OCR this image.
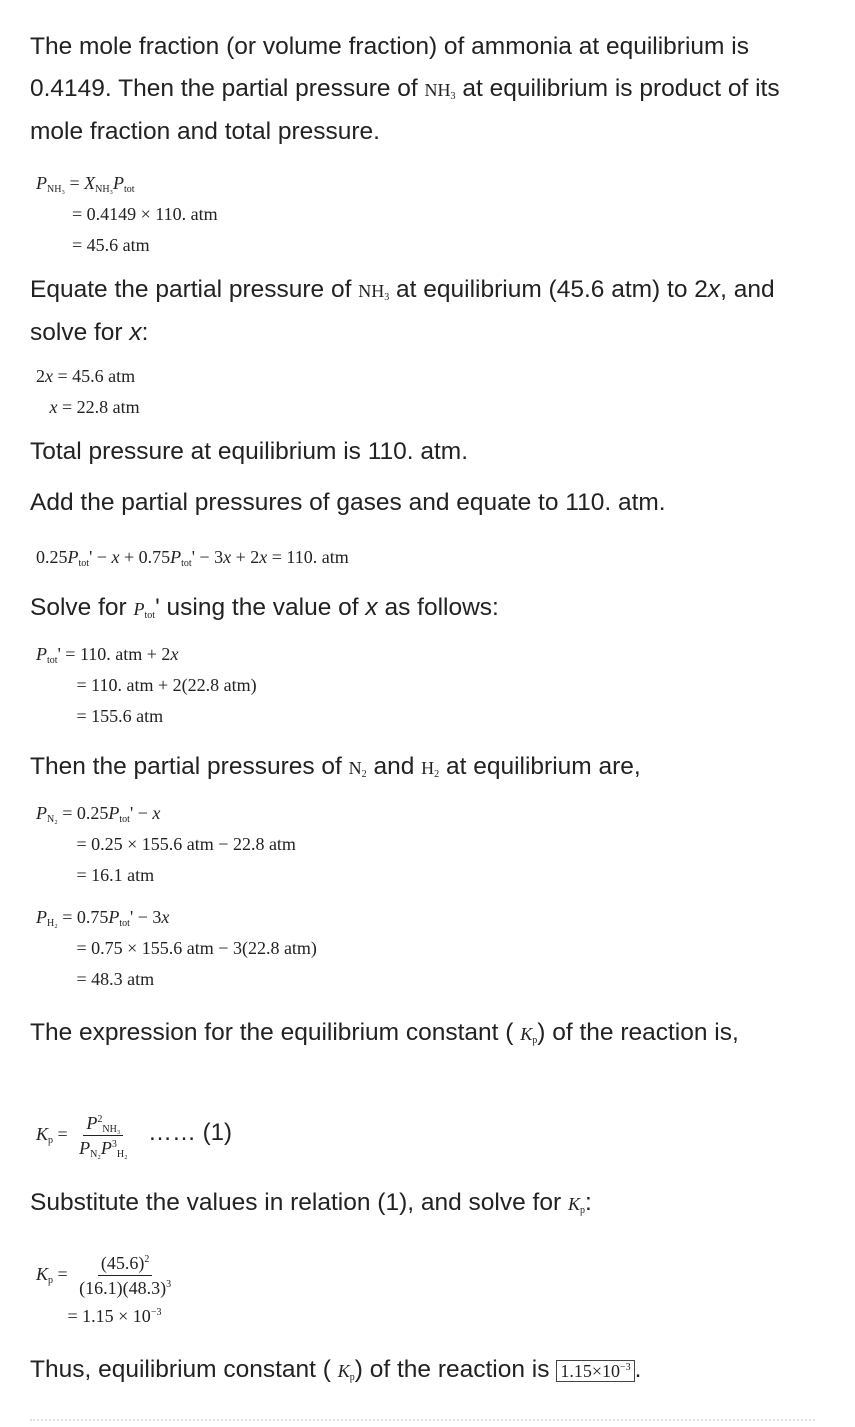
The mole fraction (or volume fraction) of ammonia at equilibrium is 0.4149. Then the partial pressure of $NH_3$ at equilibrium is product of its mole fraction and total pressure.
$P_{NH_3} = X_{NH_3}P_{tot}$
= 0.4149 × 110. atm
= 45.6 atm
Equate the partial pressure of $NH_3$ at equilibrium (45.6 atm) to 2x, and solve for x:
2x = 45.6 atm
x = 22.8 atm
Total pressure at equilibrium is 110. atm.
Add the partial pressures of gases and equate to 110. atm.
$0.25P_{tot}' - x + 0.75P_{tot}' - 3x + 2x = 110$. atm
Solve for $P_{tot}'$ using the value of x as follows:
$P_{tot}' = 110$. atm + 2x
= 110. atm + 2(22.8 atm)
= 155.6 atm
Then the partial pressures of $N_2$ and $H_2$ at equilibrium are,
$P_{N_2} = 0.25P_{tot}' - x$
= 0.25 × 155.6 atm − 22.8 atm
= 16.1 atm
$P_{H_2} = 0.75P_{tot}' - 3x$
= 0.75 × 155.6 atm − 3(22.8 atm)
= 48.3 atm
The expression for the equilibrium constant ( $K_p$) of the reaction is,
$K_p = \frac{P^2_{NH_3}}{P_{N_2}P^3_{H_2}}$ …… (1)
Substitute the values in relation (1), and solve for $K_p$:
$K_p = \frac{(45.6)^2}{(16.1)(48.3)^3}$
= $1.15 \times 10^{-3}$
Thus, equilibrium constant ( $K_p$) of the reaction is $1.15\times 10^{-3}$ .
